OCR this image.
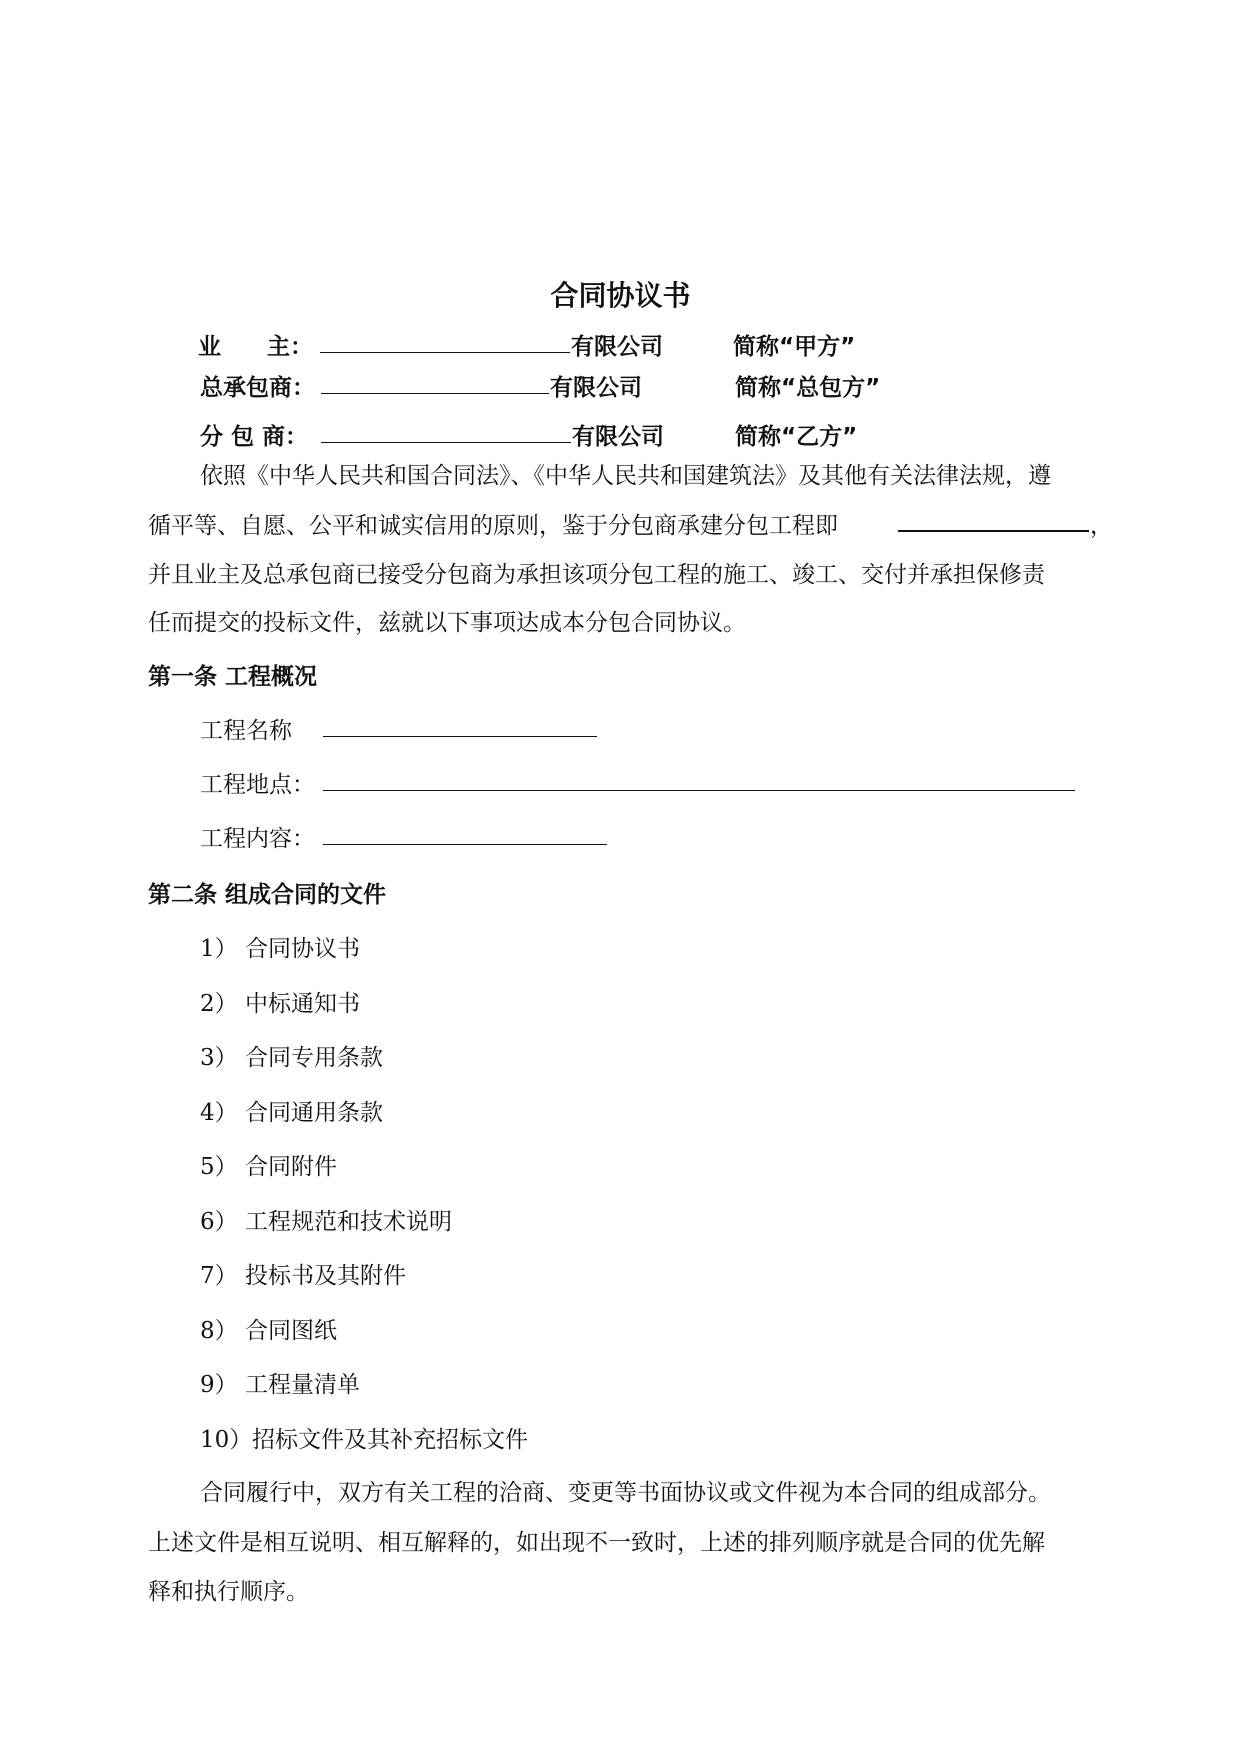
合同协议书
业　　主：	有限公司	简称“甲方”
总承包商：	有限公司	简称“总包方”
分 包 商：	有限公司	简称“乙方”
依照《中华人民共和国合同法》、《中华人民共和国建筑法》及其他有关法律法规，遵
循平等、自愿、公平和诚实信用的原则，鉴于分包商承建分包工程即	，
并且业主及总承包商已接受分包商为承担该项分包工程的施工、竣工、交付并承担保修责
任而提交的投标文件，兹就以下事项达成本分包合同协议。
第一条 工程概况
工程名称
工程地点：
工程内容：
第二条 组成合同的文件
1） 合同协议书
2） 中标通知书
3） 合同专用条款
4） 合同通用条款
5） 合同附件
6） 工程规范和技术说明
7） 投标书及其附件
8） 合同图纸
9） 工程量清单
10） 招标文件及其补充招标文件
合同履行中，双方有关工程的洽商、变更等书面协议或文件视为本合同的组成部分。
上述文件是相互说明、相互解释的，如出现不一致时，上述的排列顺序就是合同的优先解
释和执行顺序。
